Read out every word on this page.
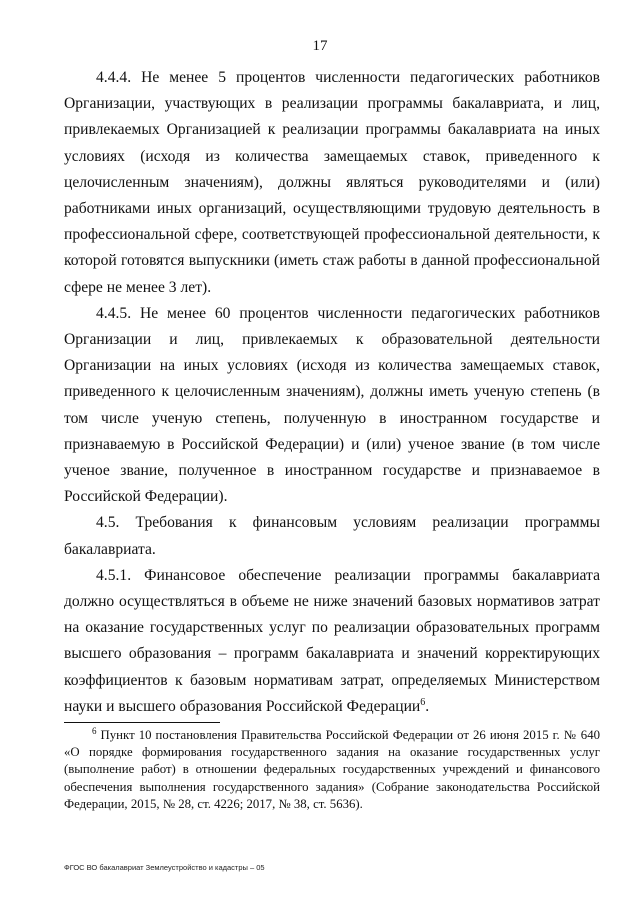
17

4.4.4. Не менее 5 процентов численности педагогических работников Организации, участвующих в реализации программы бакалавриата, и лиц, привлекаемых Организацией к реализации программы бакалавриата на иных условиях (исходя из количества замещаемых ставок, приведенного к целочисленным значениям), должны являться руководителями и (или) работниками иных организаций, осуществляющими трудовую деятельность в профессиональной сфере, соответствующей профессиональной деятельности, к которой готовятся выпускники (иметь стаж работы в данной профессиональной сфере не менее 3 лет).

4.4.5. Не менее 60 процентов численности педагогических работников Организации и лиц, привлекаемых к образовательной деятельности Организации на иных условиях (исходя из количества замещаемых ставок, приведенного к целочисленным значениям), должны иметь ученую степень (в том числе ученую степень, полученную в иностранном государстве и признаваемую в Российской Федерации) и (или) ученое звание (в том числе ученое звание, полученное в иностранном государстве и признаваемое в Российской Федерации).

4.5. Требования к финансовым условиям реализации программы бакалавриата.

4.5.1. Финансовое обеспечение реализации программы бакалавриата должно осуществляться в объеме не ниже значений базовых нормативов затрат на оказание государственных услуг по реализации образовательных программ высшего образования – программ бакалавриата и значений корректирующих коэффициентов к базовым нормативам затрат, определяемых Министерством науки и высшего образования Российской Федерации$^6$.

$^6$ Пункт 10 постановления Правительства Российской Федерации от 26 июня 2015 г. № 640 «О порядке формирования государственного задания на оказание государственных услуг (выполнение работ) в отношении федеральных государственных учреждений и финансового обеспечения выполнения государственного задания» (Собрание законодательства Российской Федерации, 2015, № 28, ст. 4226; 2017, № 38, ст. 5636).

ФГОС ВО бакалавриат Землеустройство и кадастры – 05
